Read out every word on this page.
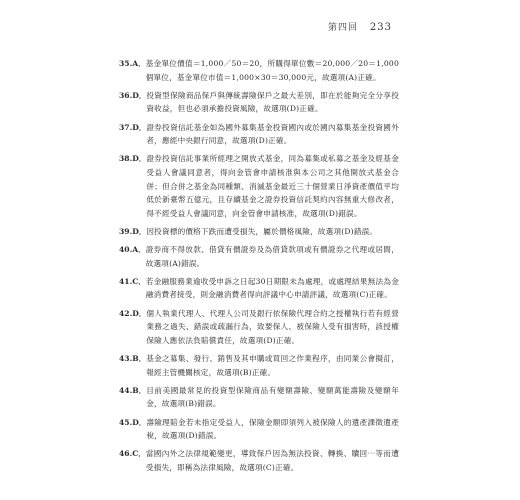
第四回 233
35.A． 基金單位價值＝1,000／50＝20，所購得單位數＝20,000／20＝1,000個單位，基金單位市值＝1,000×30＝30,000元，故選項(A)正確。
36.D． 投資型保險商品保戶與傳統壽險保戶之最大差別，即在於能夠完全分享投資收益，但也必須承擔投資風險，故選項(D)正確。
37.D． 證券投資信託基金如為國外募集基金投資國內或於國內募集基金投資國外者，應經中央銀行同意，故選項(D)正確。
38.D． 證券投資信託事業所經理之開放式基金，同為募集或私募之基金及經基金受益人會議同意者，得向金管會申請核准與本公司之其他開放式基金合併；但合併之基金為同種類、消滅基金最近三十個營業日淨資產價值平均低於新臺幣五億元，且存續基金之證券投資信託契約內容無重大修改者，得不經受益人會議同意，向金管會申請核准，故選項(D)錯誤。
39.D． 因投資標的價格下跌而遭受損失，屬於價格風險，故選項(D)錯誤。
40.A． 證券商不得放款、借貸有價證券及為借貸款項或有價證券之代理或居間，故選項(A)錯誤。
41.C． 若金融服務業逾收受申訴之日起30日期限未為處理，或處理結果無法為金融消費者接受，則金融消費者得向評議中心申請評議，故選項(C)正確。
42.D． 個人執業代理人、代理人公司及銀行依保險代理合約之授權執行若有經營業務之過失、錯誤或疏漏行為，致要保人、被保險人受有損害時，該授權保險人應依法負賠償責任，故選項(D)正確。
43.B． 基金之募集、發行、銷售及其申購或買回之作業程序，由同業公會擬訂，報經主管機關核定，故選項(B)正確。
44.B． 目前美國最常見的投資型保險商品有變額壽險、變額萬能壽險及變額年金，故選項(B)錯誤。
45.D． 壽險理賠金若未指定受益人，保險金額即須列入被保險人的遺產課徵遺產稅，故選項(D)錯誤。
46.C． 當國內外之法律規範變更，導致保戶因為無法投資、轉換、贖回⋯等而遭受損失，即稱為法律風險，故選項(C)正確。
